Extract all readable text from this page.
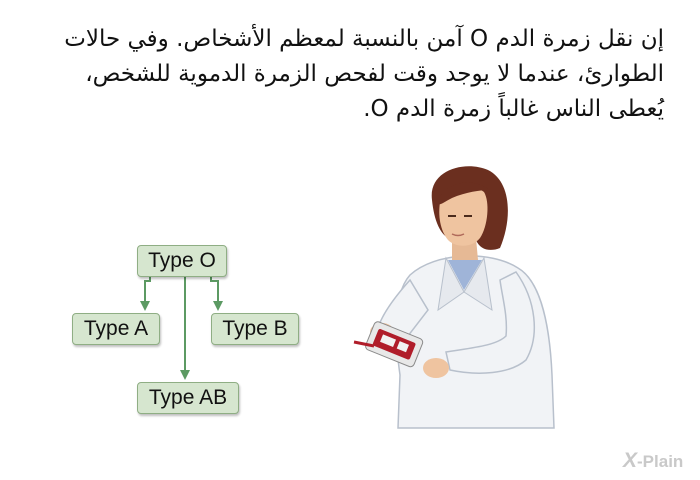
إن نقل زمرة الدم O آمن بالنسبة لمعظم الأشخاص. وفي حالات الطوارئ، عندما لا يوجد وقت لفحص الزمرة الدموية للشخص، يُعطى الناس غالباً زمرة الدم O.
Type O
Type A	Type B
Type AB
X-Plain
